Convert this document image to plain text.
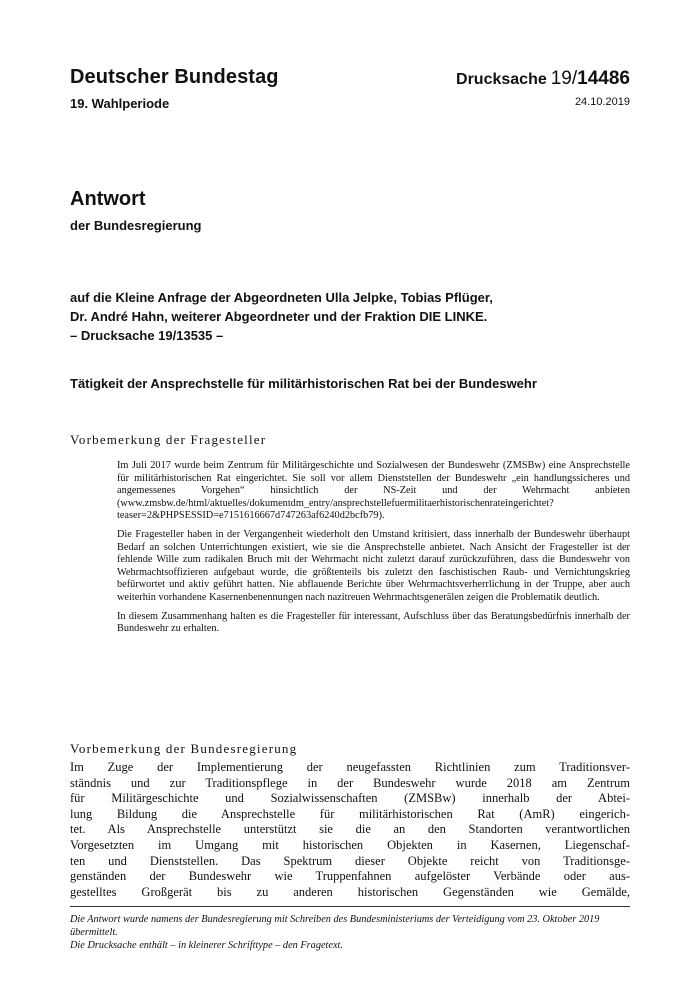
Deutscher Bundestag
19. Wahlperiode
Drucksache 19/14486
24.10.2019
Antwort
der Bundesregierung
auf die Kleine Anfrage der Abgeordneten Ulla Jelpke, Tobias Pflüger,
Dr. André Hahn, weiterer Abgeordneter und der Fraktion DIE LINKE.
– Drucksache 19/13535 –
Tätigkeit der Ansprechstelle für militärhistorischen Rat bei der Bundeswehr
Vorbemerkung der Fragesteller

Im Juli 2017 wurde beim Zentrum für Militärgeschichte und Sozialwesen der Bundeswehr (ZMSBw) eine Ansprechstelle für militärhistorischen Rat eingerichtet. Sie soll vor allem Dienststellen der Bundeswehr „ein handlungssicheres und angemessenes Vorgehen“ hinsichtlich der NS-Zeit und der Wehrmacht anbieten (www.zmsbw.de/html/aktuelles/dokumentdm_entry/ansprechstellefuermilitaerhistorischenrateingerichtet?teaser=2&PHPSESSID=e7151616667d747263af6240d2bcfb79).

Die Fragesteller haben in der Vergangenheit wiederholt den Umstand kritisiert, dass innerhalb der Bundeswehr überhaupt Bedarf an solchen Unterrichtungen existiert, wie sie die Ansprechstelle anbietet. Nach Ansicht der Fragesteller ist der fehlende Wille zum radikalen Bruch mit der Wehrmacht nicht zuletzt darauf zurückzuführen, dass die Bundeswehr von Wehrmachtsoffizieren aufgebaut wurde, die größtenteils bis zuletzt den faschistischen Raub- und Vernichtungskrieg befürwortet und aktiv geführt hatten. Nie abflauende Berichte über Wehrmachtsverherrlichung in der Truppe, aber auch weiterhin vorhandene Kasernenbenennungen nach nazitreuen Wehrmachtsgenerälen zeigen die Problematik deutlich.

In diesem Zusammenhang halten es die Fragesteller für interessant, Aufschluss über das Beratungsbedürfnis innerhalb der Bundeswehr zu erhalten.

Vorbemerkung der Bundesregierung
Im Zuge der Implementierung der neugefassten Richtlinien zum Traditionsver-
ständnis und zur Traditionspflege in der Bundeswehr wurde 2018 am Zentrum
für Militärgeschichte und Sozialwissenschaften (ZMSBw) innerhalb der Abtei-
lung Bildung die Ansprechstelle für militärhistorischen Rat (AmR) eingerich-
tet. Als Ansprechstelle unterstützt sie die an den Standorten verantwortlichen
Vorgesetzten im Umgang mit historischen Objekten in Kasernen, Liegenschaf-
ten und Dienststellen. Das Spektrum dieser Objekte reicht von Traditionsge-
genständen der Bundeswehr wie Truppenfahnen aufgelöster Verbände oder aus-
gestelltes Großgerät bis zu anderen historischen Gegenständen wie Gemälde,

Die Antwort wurde namens der Bundesregierung mit Schreiben des Bundesministeriums der Verteidigung vom 23. Oktober 2019 übermittelt.

Die Drucksache enthält – in kleinerer Schrifttype – den Fragetext.
